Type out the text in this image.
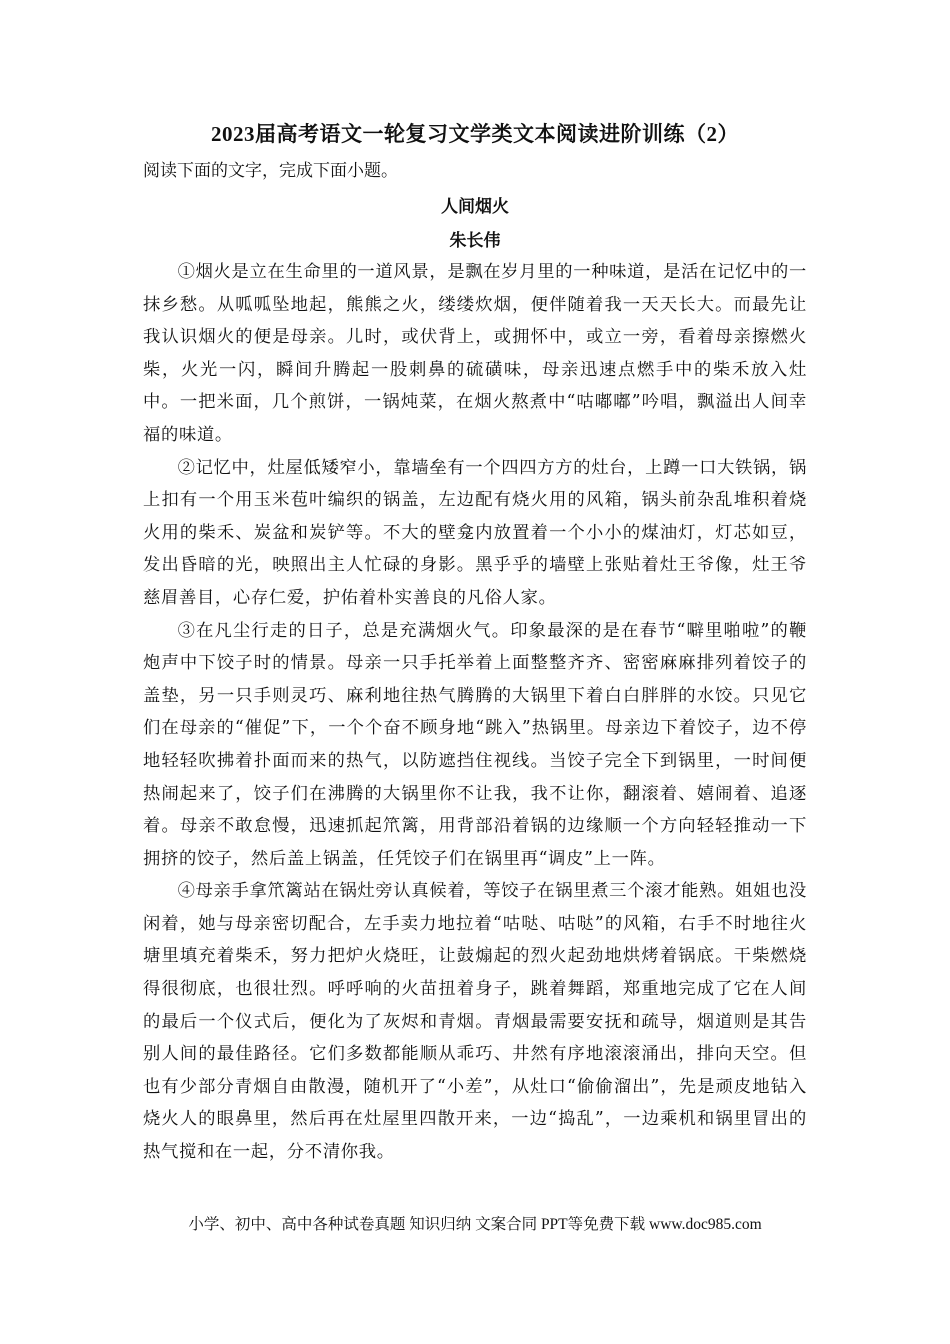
2023届高考语文一轮复习文学类文本阅读进阶训练（2）
阅读下面的文字，完成下面小题。
人间烟火
朱长伟

①烟火是立在生命里的一道风景，是飘在岁月里的一种味道，是活在记忆中的一抹乡愁。从呱呱坠地起，熊熊之火，缕缕炊烟，便伴随着我一天天长大。而最先让我认识烟火的便是母亲。儿时，或伏背上，或拥怀中，或立一旁，看着母亲擦燃火柴，火光一闪，瞬间升腾起一股刺鼻的硫磺味，母亲迅速点燃手中的柴禾放入灶中。一把米面，几个煎饼，一锅炖菜，在烟火熬煮中“咕嘟嘟”吟唱，飘溢出人间幸福的味道。

②记忆中，灶屋低矮窄小，靠墙垒有一个四四方方的灶台，上蹲一口大铁锅，锅上扣有一个用玉米苞叶编织的锅盖，左边配有烧火用的风箱，锅头前杂乱堆积着烧火用的柴禾、炭盆和炭铲等。不大的壁龛内放置着一个小小的煤油灯，灯芯如豆，发出昏暗的光，映照出主人忙碌的身影。黑乎乎的墙壁上张贴着灶王爷像，灶王爷慈眉善目，心存仁爱，护佑着朴实善良的凡俗人家。

③在凡尘行走的日子，总是充满烟火气。印象最深的是在春节“噼里啪啦”的鞭炮声中下饺子时的情景。母亲一只手托举着上面整整齐齐、密密麻麻排列着饺子的盖垫，另一只手则灵巧、麻利地往热气腾腾的大锅里下着白白胖胖的水饺。只见它们在母亲的“催促”下，一个个奋不顾身地“跳入”热锅里。母亲边下着饺子，边不停地轻轻吹拂着扑面而来的热气，以防遮挡住视线。当饺子完全下到锅里，一时间便热闹起来了，饺子们在沸腾的大锅里你不让我，我不让你，翻滚着、嬉闹着、追逐着。母亲不敢怠慢，迅速抓起笊篱，用背部沿着锅的边缘顺一个方向轻轻推动一下拥挤的饺子，然后盖上锅盖，任凭饺子们在锅里再“调皮”上一阵。

④母亲手拿笊篱站在锅灶旁认真候着，等饺子在锅里煮三个滚才能熟。姐姐也没闲着，她与母亲密切配合，左手卖力地拉着“咕哒、咕哒”的风箱，右手不时地往火塘里填充着柴禾，努力把炉火烧旺，让鼓煽起的烈火起劲地烘烤着锅底。干柴燃烧得很彻底，也很壮烈。呼呼响的火苗扭着身子，跳着舞蹈，郑重地完成了它在人间的最后一个仪式后，便化为了灰烬和青烟。青烟最需要安抚和疏导，烟道则是其告别人间的最佳路径。它们多数都能顺从乖巧、井然有序地滚滚涌出，排向天空。但也有少部分青烟自由散漫，随机开了“小差”，从灶口“偷偷溜出”，先是顽皮地钻入烧火人的眼鼻里，然后再在灶屋里四散开来，一边“捣乱”，一边乘机和锅里冒出的热气搅和在一起，分不清你我。

小学、初中、高中各种试卷真题 知识归纳 文案合同 PPT等免费下载 www.doc985.com
